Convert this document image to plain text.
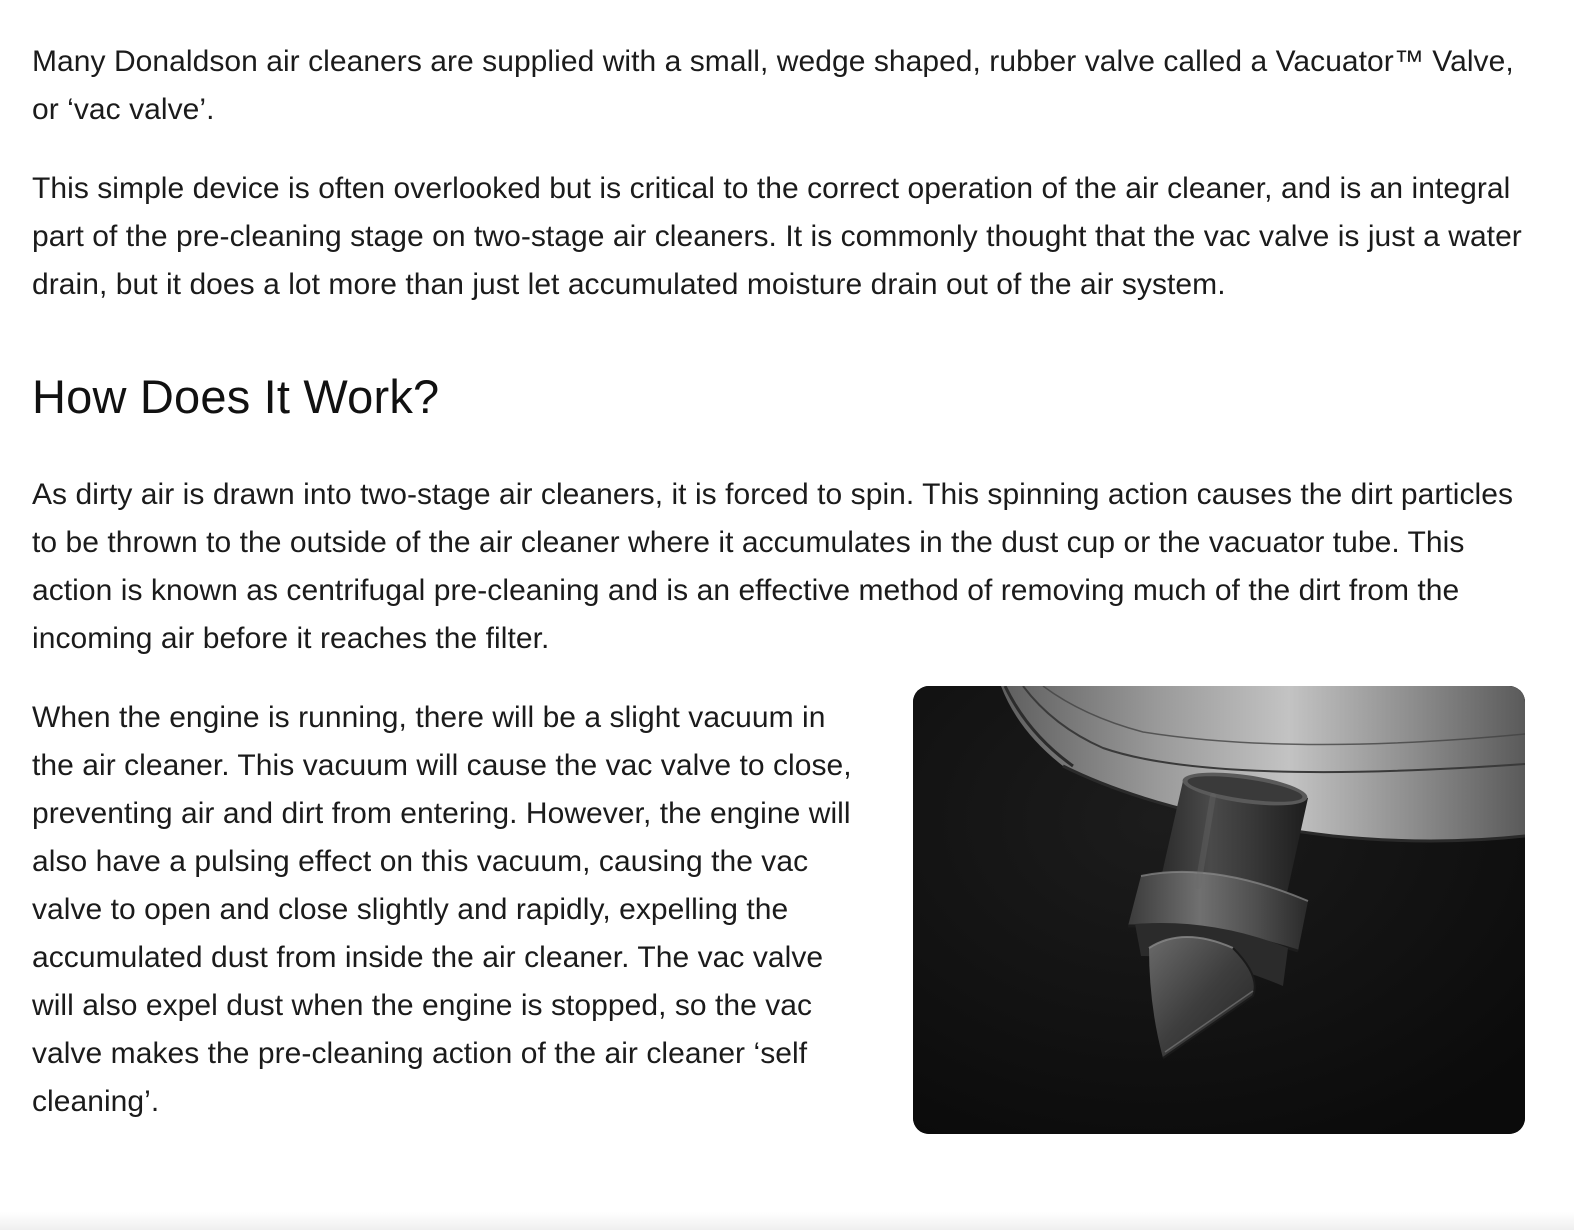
Many Donaldson air cleaners are supplied with a small, wedge shaped, rubber valve called a Vacuator™ Valve, or ‘vac valve’.

This simple device is often overlooked but is critical to the correct operation of the air cleaner, and is an integral part of the pre-cleaning stage on two-stage air cleaners. It is commonly thought that the vac valve is just a water drain, but it does a lot more than just let accumulated moisture drain out of the air system.

How Does It Work?

As dirty air is drawn into two-stage air cleaners, it is forced to spin. This spinning action causes the dirt particles to be thrown to the outside of the air cleaner where it accumulates in the dust cup or the vacuator tube. This action is known as centrifugal pre-cleaning and is an effective method of removing much of the dirt from the incoming air before it reaches the filter.

When the engine is running, there will be a slight vacuum in the air cleaner. This vacuum will cause the vac valve to close, preventing air and dirt from entering. However, the engine will also have a pulsing effect on this vacuum, causing the vac valve to open and close slightly and rapidly, expelling the accumulated dust from inside the air cleaner. The vac valve will also expel dust when the engine is stopped, so the vac valve makes the pre-cleaning action of the air cleaner ‘self cleaning’.
